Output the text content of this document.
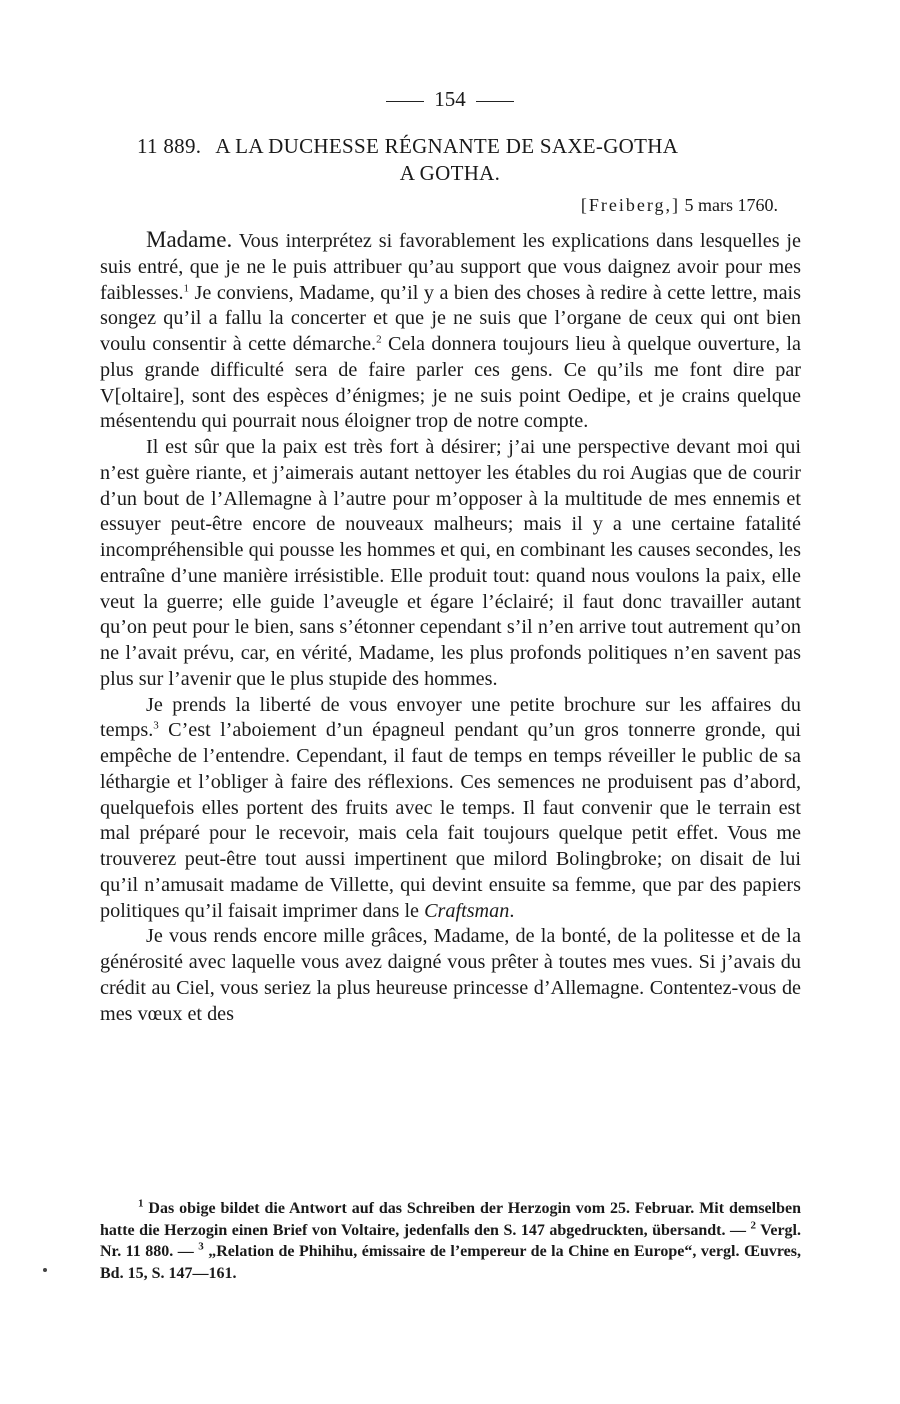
154
11 889. A LA DUCHESSE RÉGNANTE DE SAXE-GOTHA
A GOTHA.
[Freiberg,] 5 mars 1760.

Madame. Vous interprétez si favorablement les explications dans lesquelles je suis entré, que je ne le puis attribuer qu’au support que vous daignez avoir pour mes faiblesses.$^1$ Je conviens, Madame, qu’il y a bien des choses à redire à cette lettre, mais songez qu’il a fallu la concerter et que je ne suis que l’organe de ceux qui ont bien voulu consentir à cette démarche.$^2$ Cela donnera toujours lieu à quelque ouverture, la plus grande difficulté sera de faire parler ces gens. Ce qu’ils me font dire par V[oltaire], sont des espèces d’énigmes; je ne suis point Oedipe, et je crains quelque mésentendu qui pourrait nous éloigner trop de notre compte.

Il est sûr que la paix est très fort à désirer; j’ai une perspective devant moi qui n’est guère riante, et j’aimerais autant nettoyer les étables du roi Augias que de courir d’un bout de l’Allemagne à l’autre pour m’opposer à la multitude de mes ennemis et essuyer peut-être encore de nouveaux malheurs; mais il y a une certaine fatalité incompréhensible qui pousse les hommes et qui, en combinant les causes secondes, les entraîne d’une manière irrésistible. Elle produit tout: quand nous voulons la paix, elle veut la guerre; elle guide l’aveugle et égare l’éclairé; il faut donc travailler autant qu’on peut pour le bien, sans s’étonner cependant s’il n’en arrive tout autrement qu’on ne l’avait prévu, car, en vérité, Madame, les plus profonds politiques n’en savent pas plus sur l’avenir que le plus stupide des hommes.

Je prends la liberté de vous envoyer une petite brochure sur les affaires du temps.$^3$ C’est l’aboiement d’un épagneul pendant qu’un gros tonnerre gronde, qui empêche de l’entendre. Cependant, il faut de temps en temps réveiller le public de sa léthargie et l’obliger à faire des réflexions. Ces semences ne produisent pas d’abord, quelquefois elles portent des fruits avec le temps. Il faut convenir que le terrain est mal préparé pour le recevoir, mais cela fait toujours quelque petit effet. Vous me trouverez peut-être tout aussi impertinent que milord Bolingbroke; on disait de lui qu’il n’amusait madame de Villette, qui devint ensuite sa femme, que par des papiers politiques qu’il faisait imprimer dans le Craftsman.

Je vous rends encore mille grâces, Madame, de la bonté, de la politesse et de la générosité avec laquelle vous avez daigné vous prêter à toutes mes vues. Si j’avais du crédit au Ciel, vous seriez la plus heureuse princesse d’Allemagne. Contentez-vous de mes vœux et des

$^1$ Das obige bildet die Antwort auf das Schreiben der Herzogin vom 25. Februar. Mit demselben hatte die Herzogin einen Brief von Voltaire, jedenfalls den S. 147 abgedruckten, übersandt. — $^2$ Vergl. Nr. 11 880. — $^3$ „Relation de Phihihu, émissaire de l’empereur de la Chine en Europe“, vergl. Œuvres, Bd. 15, S. 147—161.
